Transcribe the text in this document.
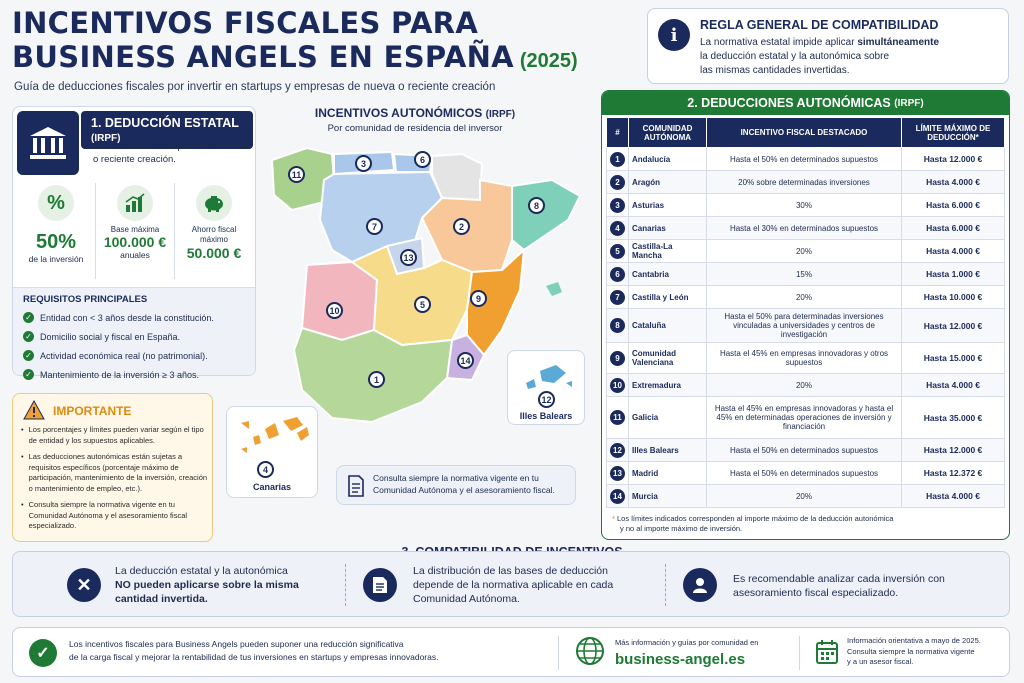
INCENTIVOS FISCALES PARA
BUSINESS ANGELS EN ESPAÑA (2025)
Guía de deducciones fiscales por invertir en startups y empresas de nueva o reciente creación
i	REGLA GENERAL DE COMPATIBILIDAD
La normativa estatal impide aplicar simultáneamente
la deducción estatal y la autonómica sobre
las mismas cantidades invertidas.
1. DEDUCCIÓN ESTATAL (IRPF)
Por inversión en empresas de nueva o reciente creación.
%
50%
de la inversión
Base máxima
100.000 €
anuales
Ahorro fiscal máximo
50.000 €
REQUISITOS PRINCIPALES
✓ Entidad con < 3 años desde la constitución.
✓ Domicilio social y fiscal en España.
✓ Actividad económica real (no patrimonial).
✓ Mantenimiento de la inversión ≥ 3 años.
IMPORTANTE
• Los porcentajes y límites pueden variar según el tipo de entidad y los supuestos aplicables.
• Las deducciones autonómicas están sujetas a requisitos específicos (porcentaje máximo de participación, mantenimiento de la inversión, creación o mantenimiento de empleo, etc.).
• Consulta siempre la normativa vigente en tu Comunidad Autónoma y el asesoramiento fiscal especializado.
INCENTIVOS AUTONÓMICOS (IRPF)
Por comunidad de residencia del inversor
11
3	6
7	2
8
13
10
5
9
14
1
12
Illes Balears
4
Canarias
Consulta siempre la normativa vigente en tu Comunidad Autónoma y el asesoramiento fiscal.
2. DEDUCCIONES AUTONÓMICAS
(IRPF)
#	COMUNIDAD AUTÓNOMA	INCENTIVO FISCAL DESTACADO	LÍMITE MÁXIMO DE DEDUCCIÓN*
1	Andalucía	Hasta el 50% en determinados supuestos	Hasta 12.000 €
2	Aragón	20% sobre determinadas inversiones	Hasta 4.000 €
3	Asturias	30%	Hasta 6.000 €
4	Canarias	Hasta el 30% en determinados supuestos	Hasta 6.000 €
5	Castilla-La Mancha	20%	Hasta 4.000 €
6	Cantabria	15%	Hasta 1.000 €
7	Castilla y León	20%	Hasta 10.000 €
8	Cataluña	Hasta el 50% para determinadas inversiones vinculadas a universidades y centros de investigación	Hasta 12.000 €
9	Comunidad Valenciana	Hasta el 45% en empresas innovadoras y otros supuestos	Hasta 15.000 €
10	Extremadura	20%	Hasta 4.000 €
11	Galicia	Hasta el 45% en empresas innovadoras y hasta el 45% en determinadas operaciones de inversión y financiación	Hasta 35.000 €
12	Illes Balears	Hasta el 50% en determinados supuestos	Hasta 12.000 €
13	Madrid	Hasta el 50% en determinados supuestos	Hasta 12.372 €
14	Murcia	20%	Hasta 4.000 €
* Los límites indicados corresponden al importe máximo de la deducción autonómica
y no al importe máximo de inversión.
✕
La deducción estatal y la autonómica
NO pueden aplicarse sobre la misma
cantidad invertida.
La distribución de las bases de deducción depende de la normativa aplicable en cada Comunidad Autónoma.
Es recomendable analizar cada inversión con asesoramiento fiscal especializado.
✓
Los incentivos fiscales para Business Angels pueden suponer una reducción significativa
de la carga fiscal y mejorar la rentabilidad de tus inversiones en startups y empresas innovadoras.
Más información y guías por comunidad en
business-angel.es
Información orientativa a mayo de 2025.
Consulta siempre la normativa vigente
y a un asesor fiscal.
